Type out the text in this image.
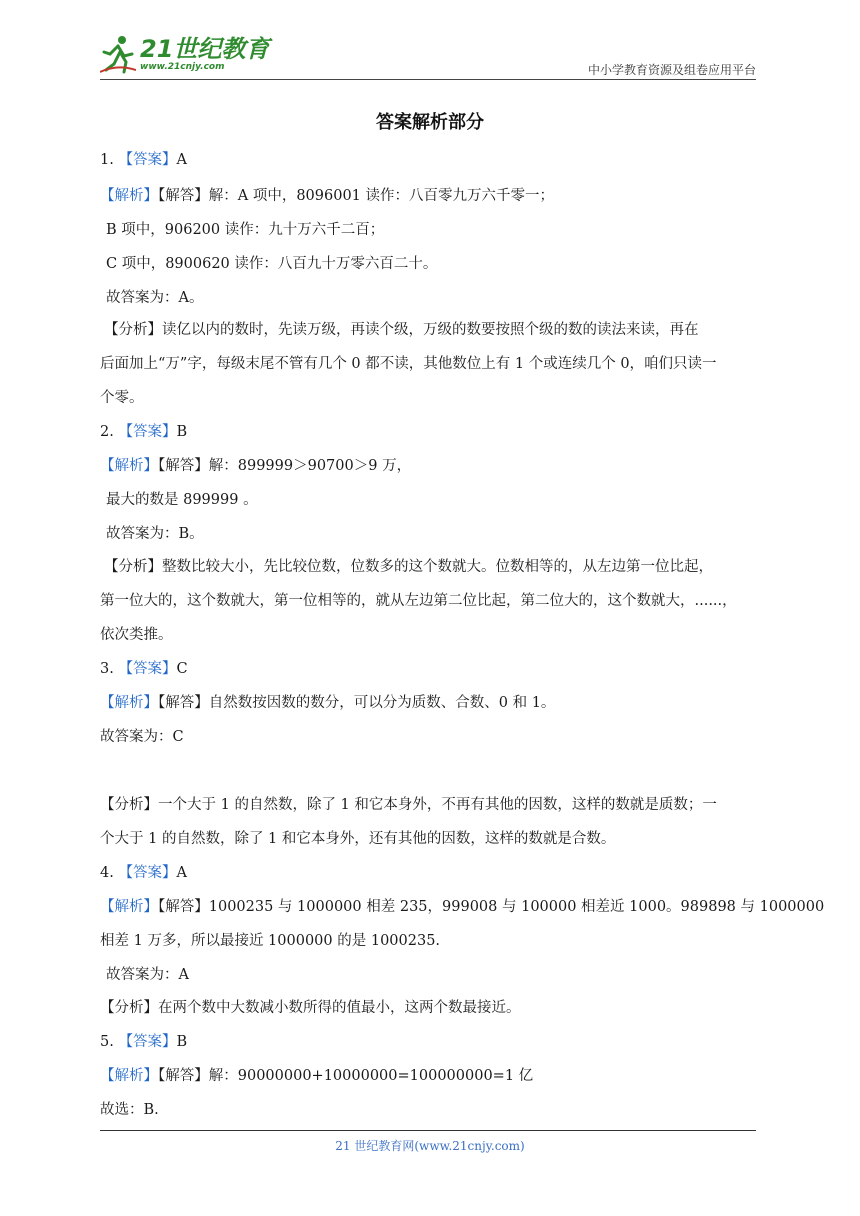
21世纪教育
www.21cnjy.com	中小学教育资源及组卷应用平台
答案解析部分
1. 【答案】A
【解析】【解答】解：A 项中，8096001 读作：八百零九万六千零一；
B 项中，906200 读作：九十万六千二百；
C 项中，8900620 读作：八百九十万零六百二十。
故答案为：A。
【分析】读亿以内的数时，先读万级，再读个级，万级的数要按照个级的数的读法来读，再在
后面加上“万”字，每级末尾不管有几个 0 都不读，其他数位上有 1 个或连续几个 0，咱们只读一
个零。
2. 【答案】B
【解析】【解答】解：899999＞90700＞9 万，
最大的数是 899999 。
故答案为：B。
【分析】整数比较大小，先比较位数，位数多的这个数就大。位数相等的，从左边第一位比起，
第一位大的，这个数就大，第一位相等的，就从左边第二位比起，第二位大的，这个数就大，......，
依次类推。
3. 【答案】C
【解析】【解答】自然数按因数的数分，可以分为质数、合数、0 和 1。
故答案为：C
【分析】一个大于 1 的自然数，除了 1 和它本身外，不再有其他的因数，这样的数就是质数；一
个大于 1 的自然数，除了 1 和它本身外，还有其他的因数，这样的数就是合数。
4. 【答案】A
【解析】【解答】1000235 与 1000000 相差 235，999008 与 100000 相差近 1000。989898 与 1000000
相差 1 万多，所以最接近 1000000 的是 1000235.
故答案为：A
【分析】在两个数中大数减小数所得的值最小，这两个数最接近。
5. 【答案】B
【解析】【解答】解：90000000+10000000=100000000=1 亿
故选：B.
21 世纪教育网(www.21cnjy.com)
